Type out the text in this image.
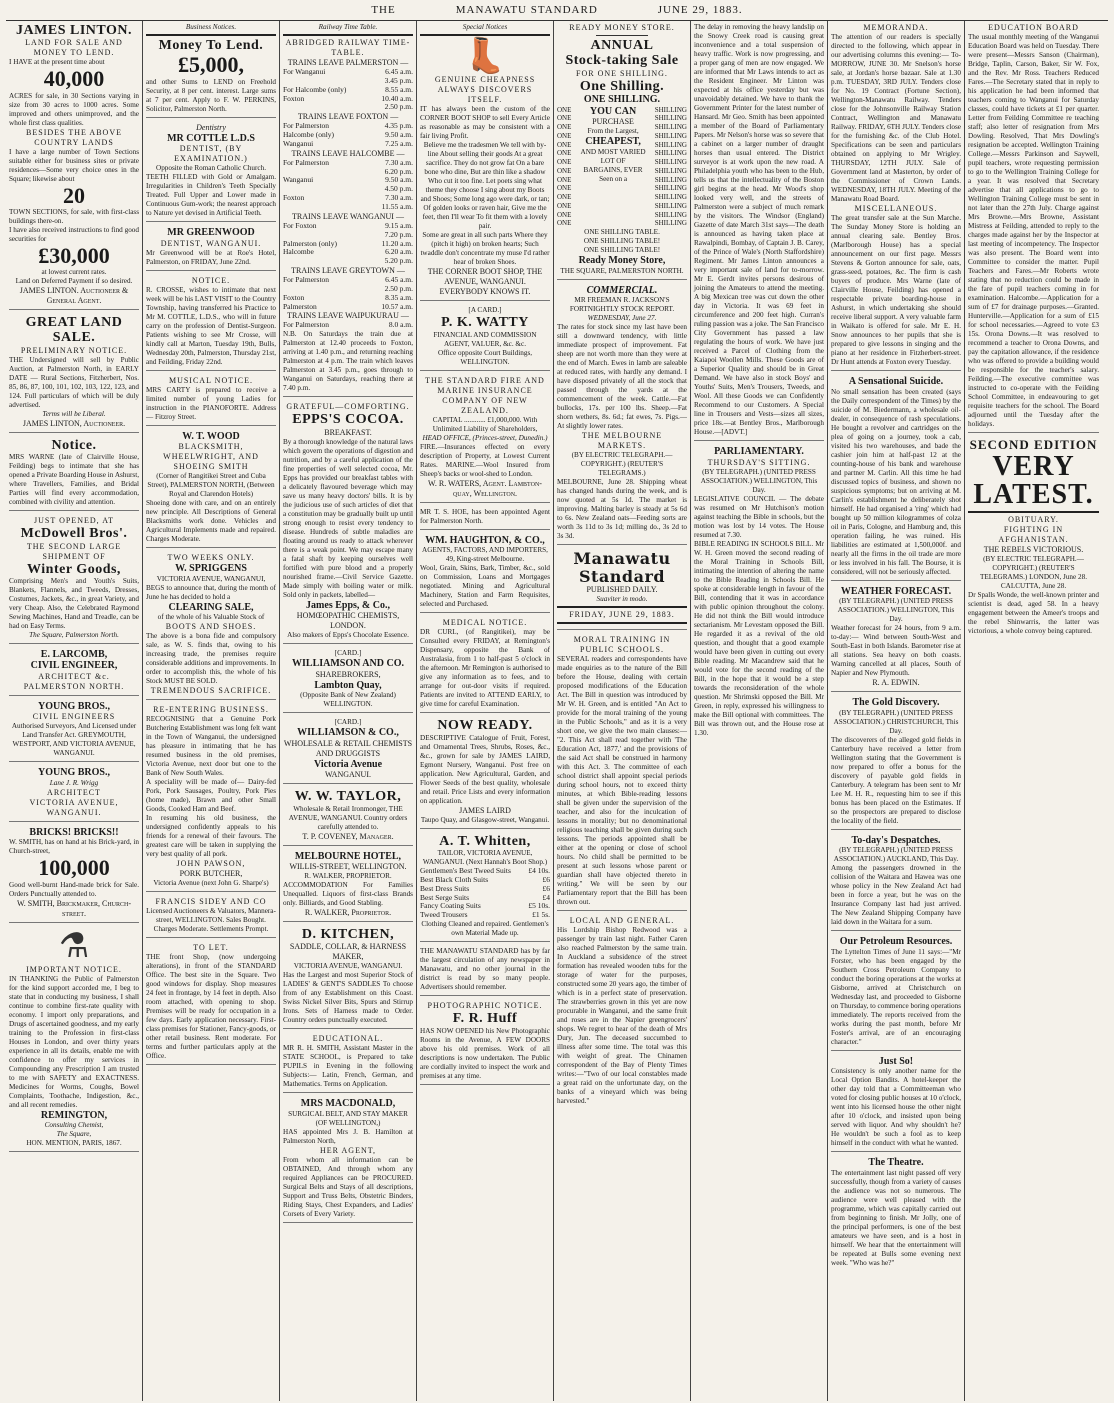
THE	MANAWATU STANDARD	JUNE 29, 1883.
JAMES LINTON.
LAND FOR SALE AND MONEY TO LEND.
I HAVE at the present time about
40,000
ACRES for sale, in 30 Sections varying in size from 30 acres to 1000 acres. Some improved and others unimproved, and the whole first class qualities.
BESIDES THE ABOVE COUNTRY LANDS
I have a large number of Town Sections suitable either for business sites or private residences—Some very choice ones in the Square; likewise about
20
TOWN SECTIONS, for sale, with first-class buildings there-on.
I have also received instructions to find good securities for
£30,000
at lowest current rates.
Land on Deferred Payment if so desired.
JAMES LINTON. Auctioneer & General Agent.
GREAT LAND SALE.
PRELIMINARY NOTICE.
THE Undersigned will sell by Public Auction, at Palmerston North, in EARLY DATE — Rural Sections, Fitzherbert, Nos. 85, 86, 87, 100, 101, 102, 103, 122, 123, and 124. Full particulars of which will be duly advertised.
Terms will be Liberal.
JAMES LINTON, Auctioneer.
Notice.
MRS WARNE (late of Clairville House, Feilding) begs to intimate that she has opened a Private Boarding House in Ashurst, where Travellers, Families, and Bridal Parties will find every accommodation, combined with civility and attention.
JUST OPENED, AT
McDowell Bros'.
THE SECOND LARGE SHIPMENT OF
Winter Goods,
Comprising Men's and Youth's Suits, Blankets, Flannels, and Tweeds, Dresses, Costumes, Jackets, &c., in great Variety, and very Cheap. Also, the Celebrated Raymond Sewing Machines, Hand and Treadle, can be had on Easy Terms.
The Square, Palmerston North.
E. LARCOMB,
CIVIL ENGINEER,
ARCHITECT &c.
PALMERSTON NORTH.
YOUNG BROS.,
CIVIL ENGINEERS
Authorised Surveyors, And Licensed under Land Transfer Act. GREYMOUTH, WESTPORT, AND VICTORIA AVENUE, WANGANUI.
YOUNG BROS.,
Lane J. R. Wrigg
ARCHITECT
VICTORIA AVENUE, WANGANUI.
BRICKS! BRICKS!!
W. SMITH, has on hand at his Brick-yard, in Church-street,
100,000
Good well-burnt Hand-made brick for Sale. Orders Punctually attended to.
W. SMITH, Brickmaker, Church-street.
⚗
IMPORTANT NOTICE.
IN THANKING the Public of Palmerston for the kind support accorded me, I beg to state that in conducting my business, I shall continue to combine first-rate quality with economy. I import only preparations, and Drugs of ascertained goodness, and my early training to the Profession in first-class Houses in London, and over thirty years experience in all its details, enable me with confidence to offer my services in Compounding any Prescription I am trusted to me with SAFETY and EXACTNESS. Medicines for Worms, Coughs, Bowel Complaints, Toothache, Indigestion, &c., and all recent remedies.
REMINGTON,
Consulting Chemist,
The Square,
HON. MENTION, PARIS, 1867.
Business Notices.
Money To Lend.
£5,000,
and other Sums to LEND on Freehold Security, at 8 per cent. interest. Large sums at 7 per cent. Apply to F. W. PERKINS, Solicitor, Palmerston North.
Dentistry
MR COTTLE L.D.S
DENTIST, (BY EXAMINATION.)
Opposite the Roman Catholic Church.
TEETH FILLED with Gold or Amalgam. Irregularities in Children's Teeth Specially Treated. Full Upper and Lower made in Continuous Gum-work; the nearest approach to Nature yet devised in Artificial Teeth.
MR GREENWOOD
DENTIST, WANGANUI.
Mr Greenwood will be at Roe's Hotel, Palmerston, on FRIDAY, June 22nd.
NOTICE.
R. CROSSE, wishes to intimate that next week will be his LAST VISIT to the Country Township, having transferred his Practice to Mr M. COTTLE, L.D.S., who will in future carry on the profession of Dentist-Surgeon. Patients wishing to see Mr Crosse, will kindly call at Marton, Tuesday 19th, Bulls, Wednesday 20th, Palmerston, Thursday 21st, and Feilding, Friday 22nd.
MUSICAL NOTICE.
MRS CARTY is prepared to receive a limited number of young Ladies for instruction in the PIANOFORTE. Address — Fitzroy Street.
W. T. WOOD
BLACKSMITH, WHEELWRIGHT, AND SHOEING SMITH
(Corner of Rangitikei Street and Cuba Street), PALMERSTON NORTH, (Between Royal and Clarendon Hotels)
Shoeing done with care, and on an entirely new principle. All Descriptions of General Blacksmiths work done. Vehicles and Agricultural Implements made and repaired. Charges Moderate.
TWO WEEKS ONLY.
W. SPRIGGENS
VICTORIA AVENUE, WANGANUI,
BEGS to announce that, during the month of June he has decided to hold a
CLEARING SALE,
of the whole of his Valuable Stock of
BOOTS AND SHOES.
The above is a bona fide and compulsory sale, as W. S. finds that, owing to his increasing trade, the premises require considerable additions and improvements. In order to accomplish this, the whole of his Stock MUST BE SOLD.
TREMENDOUS SACRIFICE.
RE-ENTERING BUSINESS.
RECOGNISING that a Genuine Pork Butchering Establishment was long felt want in the Town of Wanganui, the undersigned has pleasure in intimating that he has resumed business in the old premises, Victoria Avenue, next door but one to the Bank of New South Wales.
A speciality will be made of— Dairy-fed Pork, Pork Sausages, Poultry, Pork Pies (home made), Brawn and other Small Goods, Cooked Ham and Beef.
In resuming his old business, the undersigned confidently appeals to his friends for a renewal of their favours. The greatest care will be taken in supplying the very best quality of all pork.
JOHN PAWSON,
PORK BUTCHER,
Victoria Avenue (next John G. Sharpe's)
FRANCIS SIDEY AND CO
Licensed Auctioneers & Valuators, Mannera-street, WELLINGTON. Sales Bought. Charges Moderate. Settlements Prompt.
TO LET.
THE front Shop, (now undergoing alterations), in front of the STANDARD Office. The best site in the Square. Two good windows for display. Shop measures 24 feet in frontage, by 14 feet in depth. Also room attached, with opening to shop. Premises will be ready for occupation in a few days. Early application necessary. First-class premises for Stationer, Fancy-goods, or other retail business. Rent moderate. For terms and further particulars apply at the Office.
Railway Time Table.
ABRIDGED RAILWAY TIME-TABLE.
TRAINS LEAVE PALMERSTON —
For Wanganui	6.45 a.m.
3.45 p.m.
For Halcombe (only)	8.55 a.m.
Foxton	10.40 a.m.
2.50 p.m.
TRAINS LEAVE FOXTON —
For Palmerston	4.35 p.m.
Halcombe (only)	9.50 a.m.
Wanganui	7.25 a.m.
TRAINS LEAVE HALCOMBE —
For Palmerston	7.30 a.m.
6.20 p.m.
Wanganui	9.50 a.m.
4.50 p.m.
Foxton	7.30 a.m.
11.55 a.m.
TRAINS LEAVE WANGANUI —
For Foxton	9.15 a.m.
7.20 p.m.
Palmerston (only)	11.20 a.m.
Halcombe	6.20 a.m.
5.20 p.m.
TRAINS LEAVE GREYTOWN —
For Palmerston	6.45 a.m.
2.50 p.m.
Foxton	8.35 a.m.
Palmerston	10.57 a.m.
TRAINS LEAVE WAIPUKURAU —
For Palmerston	8.0 a.m.
N.B. On Saturdays the train due at Palmerston at 12.40 proceeds to Foxton, arriving at 1.40 p.m., and returning reaching Palmerston at 4 p.m. The train which leaves Palmerston at 3.45 p.m., goes through to Wanganui on Saturdays, reaching there at 7.40 p.m.
GRATEFUL—COMFORTING.
EPPS'S COCOA.
BREAKFAST.
By a thorough knowledge of the natural laws which govern the operations of digestion and nutrition, and by a careful application of the fine properties of well selected cocoa, Mr. Epps has provided our breakfast tables with a delicately flavoured beverage which may save us many heavy doctors' bills. It is by the judicious use of such articles of diet that a constitution may be gradually built up until strong enough to resist every tendency to disease. Hundreds of subtle maladies are floating around us ready to attack wherever there is a weak point. We may escape many a fatal shaft by keeping ourselves well fortified with pure blood and a properly nourished frame.—Civil Service Gazette. Made simply with boiling water or milk. Sold only in packets, labelled—
James Epps, & Co.,
HOMŒOPATHIC CHEMISTS, LONDON.
Also makers of Epps's Chocolate Essence.
[CARD.]
WILLIAMSON AND CO.
SHAREBROKERS,
Lambton Quay,
(Opposite Bank of New Zealand) WELLINGTON.
[CARD.]
WILLIAMSON & CO.,
WHOLESALE & RETAIL CHEMISTS AND DRUGGISTS
Victoria Avenue
WANGANUI.
W. W. TAYLOR,
Wholesale & Retail Ironmonger, THE AVENUE, WANGANUI. Country orders carefully attended to.
T. P. COVENEY, Manager.
MELBOURNE HOTEL,
WILLIS-STREET, WELLINGTON.
R. WALKER, PROPRIETOR.
ACCOMMODATION For Families Unequalled. Liquors of first-class Brands only. Billiards, and Good Stabling.
R. WALKER, Proprietor.
D. KITCHEN,
SADDLE, COLLAR, & HARNESS MAKER,
VICTORIA AVENUE, WANGANUI.
Has the Largest and most Superior Stock of LADIES' & GENT'S SADDLES To choose from of any Establishment on this Coast. Swiss Nickel Silver Bits, Spurs and Stirrup Irons. Sets of Harness made to Order. Country orders punctually executed.
EDUCATIONAL.
MR R. H. SMITH, Assistant Master in the STATE SCHOOL, is Prepared to take PUPILS in Evening in the following Subjects:— Latin, French, German, and Mathematics. Terms on Application.
MRS MACDONALD,
SURGICAL BELT, AND STAY MAKER (OF WELLINGTON,)
HAS appointed Mrs J. B. Hamilton at Palmerston North,
HER AGENT,
From whom all information can be OBTAINED, And through whom any required Appliances can be PROCURED. Surgical Belts and Stays of all descriptions, Support and Truss Belts, Obstetric Binders, Riding Stays, Chest Expanders, and Ladies' Corsets of Every Variety.
Special Notices
👢
GENUINE CHEAPNESS ALWAYS DISCOVERS ITSELF.
IT has always been the custom of the CORNER BOOT SHOP to sell Every Article as reasonable as may be consistent with a fair living Profit.
Believe me the tradesmen We tell with by-line About selling their goods At a great sacrifice. They do not grow fat On a bare bone who dine, But are thin like a shadow Who cut it too fine. Let poets sing what theme they choose I sing about my Boots and Shoes; Some long ago were dark, or tan; Of golden looks or raven hair, Give me the feet, then I'll wear To fit them with a lovely pair.
Some are great in all such parts Where they (pitch it high) on broken hearts; Such twaddle don't concentrate my muse I'd rather hear of broken Shoes.
THE CORNER BOOT SHOP, THE AVENUE, WANGANUI. EVERYBODY KNOWS IT.
[A CARD.]
P. K. WATTY
FINANCIAL AND COMMISSION AGENT, VALUER, &c. &c.
Office opposite Court Buildings, WELLINGTON.
THE STANDARD FIRE AND MARINE INSURANCE COMPANY OF NEW ZEALAND.
CAPITAL ............ £1,000,000. With Unlimited Liability of Shareholders,
HEAD OFFICE, (Princes-street, Dunedin.)
FIRE.—Insurances effected on every description of Property, at Lowest Current Rates. MARINE.—Wool Insured from Sheep's backs or wool-shed to London.
W. R. WATERS, Agent. Lambton-quay, Wellington.
MR T. S. HOE, has been appointed Agent for Palmerston North.
WM. HAUGHTON, & CO.,
AGENTS, FACTORS, AND IMPORTERS, 49, King-street Melbourne.
Wool, Grain, Skins, Bark, Timber, &c., sold on Commission, Loans and Mortgages negotiated. Mining and Agricultural Machinery, Station and Farm Requisites, selected and Purchased.
MEDICAL NOTICE.
DR CURL, (of Rangitikei), may be Consulted every FRIDAY, at Remington's Dispensary, opposite the Bank of Australasia, from 1 to half-past 5 o'clock in the afternoon. Mr Remington is authorised to give any information as to fees, and to arrange for out-door visits if required. Patients are invited to ATTEND EARLY, to give time for careful Examination.
NOW READY.
DESCRIPTIVE Catalogue of Fruit, Forest, and Ornamental Trees, Shrubs, Roses, &c., &c., grown for sale by JAMES LAIRD, Egmont Nursery, Wanganui. Post free on application. New Agricultural, Garden, and Flower Seeds of the best quality, wholesale and retail. Price Lists and every information on application.
JAMES LAIRD
Taupo Quay, and Glasgow-street, Wanganui.
A. T. Whitten,
TAILOR, VICTORIA AVENUE, WANGANUI. (Next Hannah's Boot Shop.)
Gentlemen's Best Tweed Suits £4 10s.
Best Black Cloth Suits	£6
Best Dress Suits	£6
Best Serge Suits	£4
Fancy Coating Suits	£5 10s.
Tweed Trousers	£1 5s.
Clothing Cleaned and repaired. Gentlemen's own Material Made up.
THE MANAWATU STANDARD has by far the largest circulation of any newspaper in Manawatu, and no other journal in the district is read by so many people. Advertisers should remember.
PHOTOGRAPHIC NOTICE.
F. R. Huff
HAS NOW OPENED his New Photographic Rooms in the Avenue, A FEW DOORS above his old premises. Work of all descriptions is now undertaken. The Public are cordially invited to inspect the work and premises at any time.
READY MONEY STORE.
ANNUAL
Stock-taking Sale
FOR ONE SHILLING.
One Shilling.
ONE SHILLING.
ONE
ONE
ONE
ONE
ONE
ONE
ONE
ONE
ONE
ONE
ONE
ONE
ONE
ONE
YOU CAN
PURCHASE
From the Largest,
CHEAPEST,
AND MOST VARIED
LOT OF
BARGAINS, EVER
Seen on a
SHILLING
SHILLING
SHILLING
SHILLING
SHILLING
SHILLING
SHILLING
SHILLING
SHILLING
SHILLING
SHILLING
SHILLING
SHILLING
SHILLING
ONE SHILLING TABLE.
ONE SHILLING TABLE!
ONE SHILLING TABLE!
Ready Money Store,
THE SQUARE, PALMERSTON NORTH.
COMMERCIAL.
MR FREEMAN R. JACKSON'S FORTNIGHTLY STOCK REPORT.
WEDNESDAY, June 27.
The rates for stock since my last have been still a downward tendency, with little immediate prospect of improvement. Fat sheep are not worth more than they were at the end of March. Ewes in lamb are saleable at reduced rates, with hardly any demand. I have disposed privately of all the stock that passed through the yards at the commencement of the week. Cattle.—Fat bullocks, 17s. per 100 lbs. Sheep.—Fat shorn wethers, 8s. 6d.; fat ewes, 7s. Pigs.—At slightly lower rates.
THE MELBOURNE MARKETS.
(BY ELECTRIC TELEGRAPH.—COPYRIGHT.) (REUTER'S TELEGRAMS.)
MELBOURNE, June 28. Shipping wheat has changed hands during the week, and is now quoted at 5s 1d. The market is improving. Malting barley is steady at 5s 6d to 6s. New Zealand oats—Feeding sorts are worth 3s 11d to 3s 1d; milling do., 3s 2d to 3s 3d.
Manawatu Standard
PUBLISHED DAILY.
Suaviter in modo.
FRIDAY, JUNE 29, 1883.
MORAL TRAINING IN PUBLIC SCHOOLS.
SEVERAL readers and correspondents have made enquiries as to the nature of the Bill before the House, dealing with certain proposed modifications of the Education Act. The Bill in question was introduced by Mr W. H. Green, and is entitled "An Act to provide for the moral training of the young in the Public Schools," and as it is a very short one, we give the two main clauses:— "2. This Act shall read together with 'The Education Act, 1877,' and the provisions of the said Act shall be construed in harmony with this Act. 3. The committee of each school district shall appoint special periods during school hours, not to exceed thirty minutes, at which Bible-reading lessons shall be given under the supervision of the teacher, and also for the inculcation of lessons in morality; but no denominational religious teaching shall be given during such lessons. The periods appointed shall be either at the opening or close of school hours. No child shall be permitted to be present at such lessons whose parent or guardian shall have objected thereto in writing." We will be seen by our Parliamentary report that the Bill has been thrown out.
LOCAL AND GENERAL.
His Lordship Bishop Redwood was a passenger by train last night. Father Caren also reached Palmerston by the same train. In Auckland a subsidence of the street formation has revealed wooden tubs for the storage of water for the purposes, constructed some 20 years ago, the timber of which is in a perfect state of preservation. The strawberries grown in this yet are now procurable in Wanganui, and the same fruit and roses are in the Napier greengrocers' shops. We regret to hear of the death of Mrs Dury, Jun. The deceased succumbed to illness after some time. The total was this with weight of great. The Chinamen correspondent of the Bay of Plenty Times writes:—"Two of our local constables made a great raid on the unfortunate day, on the banks of a vineyard which was being harvested."
The delay in removing the heavy landslip on the Snowy Creek road is causing great inconvenience and a total suspension of heavy traffic. Work is now progressing, and a proper gang of men are now engaged. We are informed that Mr Laws intends to act as the Resident Engineer. Mr Linton was expected at his office yesterday but was unavoidably detained. We have to thank the Government Printer for the latest number of Hansard. Mr Geo. Smith has been appointed a member of the Board of Parliamentary Papers. Mr Nelson's horse was so severe that a cabinet on a larger number of draught horses than usual entered. The District surveyor is at work upon the new road. A Philadelphia youth who has been to the Hub, tells us that the intellectuality of the Boston girl begins at the head. Mr Wood's shop looked very well, and the streets of Palmerston were a subject of much remark by the visitors. The Windsor (England) Gazette of date March 31st says—The death is announced as having taken place at Rawalpindi, Bombay, of Captain J. B. Carey, of the Prince of Wale's (North Staffordshire) Regiment. Mr James Linton announces a very important sale of land for to-morrow. Mr E. Gerdt invites persons desirous of joining the Amateurs to attend the meeting. A big Mexican tree was cut down the other day in Victoria. It was 69 feet in circumference and 200 feet high. Curran's ruling passion was a joke. The San Francisco City Government has passed a law regulating the hours of work. We have just received a Parcel of Clothing from the Kaiapoi Woollen Mills. These Goods are of a Superior Quality and should be in Great Demand. We have also in stock Boys' and Youths' Suits, Men's Trousers, Tweeds, and Wool. All these Goods we can Confidently Recommend to our Customers. A Special line in Trousers and Vests—sizes all sizes, price 18s.—at Bentley Bros., Marlborough House.—[ADVT.]
PARLIAMENTARY.
THURSDAY'S SITTING.
(BY TELEGRAPH.) (UNITED PRESS ASSOCIATION.) WELLINGTON, This Day.
LEGISLATIVE COUNCIL — The debate was resumed on Mr Hutchison's motion against teaching the Bible in schools, but the motion was lost by 14 votes. The House resumed at 7.30.
BIBLE READING IN SCHOOLS BILL. Mr W. H. Green moved the second reading of the Moral Training in Schools Bill, intimating the intention of altering the name to the Bible Reading in Schools Bill. He spoke at considerable length in favour of the Bill, contending that it was in accordance with public opinion throughout the colony. He did not think the Bill would introduce sectarianism. Mr Levestam opposed the Bill. He regarded it as a revival of the old question, and thought that a good example would have been given in cutting out every Bible reading. Mr Macandrew said that he would vote for the second reading of the Bill, in the hope that it would be a step towards the reconsideration of the whole question. Mr Shrimski opposed the Bill. Mr Green, in reply, expressed his willingness to make the Bill optional with committees. The Bill was thrown out, and the House rose at 1.30.
MEMORANDA.
The attention of our readers is specially directed to the following, which appear in our advertising columns this evening:— To-MORROW, JUNE 30. Mr Snelson's horse sale, at Jordan's horse bazaar. Sale at 1.30 p.m. TUESDAY, 3RD JULY. Tenders close for No. 19 Contract (Fortune Section), Wellington-Manawatu Railway. Tenders close for the Johnsonville Railway Station Contract, Wellington and Manawatu Railway. FRIDAY, 6TH JULY. Tenders close for the furnishing &c. of the Club Hotel. Specifications can be seen and particulars obtained on applying to Mr Wrigley. THURSDAY, 12TH JULY. Sale of Government land at Masterton, by order of the Commissioner of Crown Lands. WEDNESDAY, 18TH JULY. Meeting of the Manawatu Road Board.
MISCELLANEOUS.
The great transfer sale at the Sun Marche. The Sunday Money Store is holding an annual clearing sale. Bentley Bros. (Marlborough House) has a special announcement on our first page. Messrs Stevens & Gorton announce for sale, oats, grass-seed, potatoes, &c. The firm is cash buyers of produce. Mrs Warne (late of Clairville House, Feilding) has opened a respectable private boarding-house in Ashurst, in which undertaking she should receive liberal support. A very valuable farm in Waikato is offered for sale. Mr E. H. Snow announces to her pupils that she is prepared to give lessons in singing and the piano at her residence in Fitzherbert-street. Dr Hunt attends at Foxton every Tuesday.
A Sensational Suicide.
No small sensation has been created (says the Daily correspondent of the Times) by the suicide of M. Biedermann, a wholesale oil-dealer, in consequence of rash speculations. He bought a revolver and cartridges on the plea of going on a journey, took a cab, visited his two warehouses, and bade the cashier join him at half-past 12 at the counting-house of his bank and warehouse and partner M. Carlin. All this time he had discussed topics of business, and shown no suspicious symptoms; but on arriving at M. Carlin's establishment he deliberately shot himself. He had organised a 'ring' which had bought up 50 million kilogrammes of colza oil in Paris, Cologne, and Hamburg and, this operation failing, he was ruined. His liabilities are estimated at 1,500,000f. and nearly all the firms in the oil trade are more or less involved in his fall. The Bourse, it is considered, will not be seriously affected.
WEATHER FORECAST.
(BY TELEGRAPH.) (UNITED PRESS ASSOCIATION.) WELLINGTON, This Day.
Weather forecast for 24 hours, from 9 a.m. to-day:— Wind between South-West and South-East in both Islands. Barometer rise at all stations. Sea heavy on both coasts. Warning cancelled at all places, South of Napier and New Plymouth.
R. A. EDWIN.
The Gold Discovery.
(BY TELEGRAPH.) (UNITED PRESS ASSOCIATION.) CHRISTCHURCH, This Day.
The discoverers of the alleged gold fields in Canterbury have received a letter from Wellington stating that the Government is now prepared to offer a bonus for the discovery of payable gold fields in Canterbury. A telegram has been sent to Mr Lee M. H. R., requesting him to see if this bonus has been placed on the Estimates. If so the prospectors are prepared to disclose the locality of the field.
To-day's Despatches.
(BY TELEGRAPH.) (UNITED PRESS ASSOCIATION.) AUCKLAND, This Day.
Among the passengers drowned in the collision of the Waitara and Hawea was one whose policy in the New Zealand Act had been in force a year, but he was on the Insurance Company last had just arrived. The New Zealand Shipping Company have laid down in the Waitara for a sum.
Our Petroleum Resources.
The Lyttelton Times of June 11 says:—"Mr Forster, who has been engaged by the Southern Cross Petroleum Company to conduct the boring operations at the works at Gisborne, arrived at Christchurch on Wednesday last, and proceeded to Gisborne on Thursday, to commence boring operations immediately. The reports received from the works during the past month, before Mr Foster's arrival, are of an encouraging character."
Just So!
Consistency is only another name for the Local Option Bandits. A hotel-keeper the other day told that a Committeeman who voted for closing public houses at 10 o'clock, went into his licensed house the other night after 10 o'clock, and insisted upon being served with liquor. And why shouldn't he? He wouldn't be such a fool as to keep himself in the conduct with what he wanted.
The Theatre.
The entertainment last night passed off very successfully, though from a variety of causes the audience was not so numerous. The audience were well pleased with the programme, which was capitally carried out from beginning to finish. Mr Jolly, one of the principal performers, is one of the best amateurs we have seen, and is a host in himself. We hear that the entertainment will be repeated at Bulls some evening next week. "Who was he?"
EDUCATION BOARD
The usual monthly meeting of the Wanganui Education Board was held on Tuesday. There were present—Messrs Sanson (Chairman), Bridge, Taplin, Carson, Baker, Sir W. Fox, and the Rev. Mr Ross. Teachers Reduced Fares.—The Secretary stated that in reply to his application he had been informed that teachers coming to Wanganui for Saturday classes, could have tickets at £1 per quarter. Letter from Feilding Committee re teaching staff; also letter of resignation from Mrs Dowling. Resolved, That Mrs Dowling's resignation be accepted. Wellington Training College.—Messrs Parkinson and Saywell, pupil teachers, wrote requesting permission to go to the Wellington Training College for a year. It was resolved that Secretary advertise that all applications to go to Wellington Training College must be sent in not later than the 27th July. Charge against Mrs Browne.—Mrs Browne, Assistant Mistress at Feilding, attended to reply to the charges made against her by the Inspector at last meeting of incompetency. The Inspector was also present. The Board went into Committee to consider the matter. Pupil Teachers and Fares.—Mr Roberts wrote stating that no reduction could be made in the fare of pupil teachers coming in for examination. Halcombe.—Application for a sum of £7 for drainage purposes.—Granted. Hunterville.—Application for a sum of £15 for school necessaries.—Agreed to vote £3 15s. Orona Downs.—It was resolved to recommend a teacher to Orona Downs, and pay the capitation allowance, if the residence who was offered to provide a building would be responsible for the teacher's salary. Feilding.—The executive committee was instructed to co-operate with the Feilding School Committee, in endeavouring to get requisite teachers for the school. The Board adjourned until the Tuesday after the holidays.
SECOND EDITION
VERY LATEST.
OBITUARY.
FIGHTING IN AFGHANISTAN.
THE REBELS VICTORIOUS.
(BY ELECTRIC TELEGRAPH.—COPYRIGHT.) (REUTER'S TELEGRAMS.) LONDON, June 28. CALCUTTA, June 28.
Dr Spalls Wonde, the well-known printer and scientist is dead, aged 58. In a heavy engagement between the Ameer's troops and the rebel Shinwarris, the latter was victorious, a whole convoy being captured.
